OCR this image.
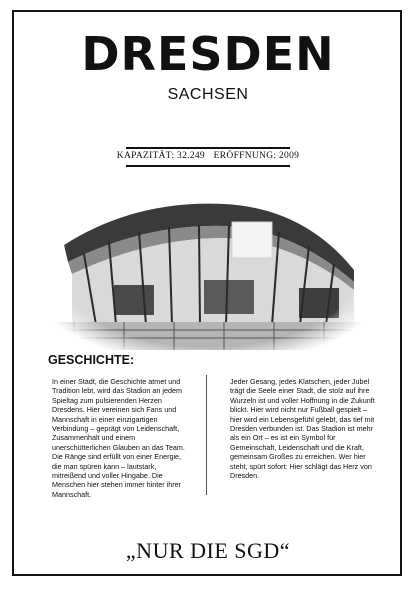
DRESDEN
SACHSEN
KAPAZITÄT: 32.249 ERÖFFNUNG: 2009
GESCHICHTE:

In einer Stadt, die Geschichte atmet und Tradition lebt, wird das Stadion an jedem Spieltag zum pulsierenden Herzen Dresdens. Hier vereinen sich Fans und Mannschaft in einer einzigartigen Verbindung – geprägt von Leidenschaft, Zusammenhalt und einem unerschütterlichen Glauben an das Team. Die Ränge sind erfüllt von einer Energie, die man spüren kann – lautstark, mitreißend und voller Hingabe. Die Menschen hier stehen immer hinter ihrer Mannschaft.

Jeder Gesang, jedes Klatschen, jeder Jubel trägt die Seele einer Stadt, die stolz auf ihre Wurzeln ist und voller Hoffnung in die Zukunft blickt. Hier wird nicht nur Fußball gespielt – hier wird ein Lebensgefühl gelebt, das tief mit Dresden verbunden ist. Das Stadion ist mehr als ein Ort – es ist ein Symbol für Gemeinschaft, Leidenschaft und die Kraft, gemeinsam Großes zu erreichen. Wer hier steht, spürt sofort: Hier schlägt das Herz von Dresden.

„NUR DIE SGD“
